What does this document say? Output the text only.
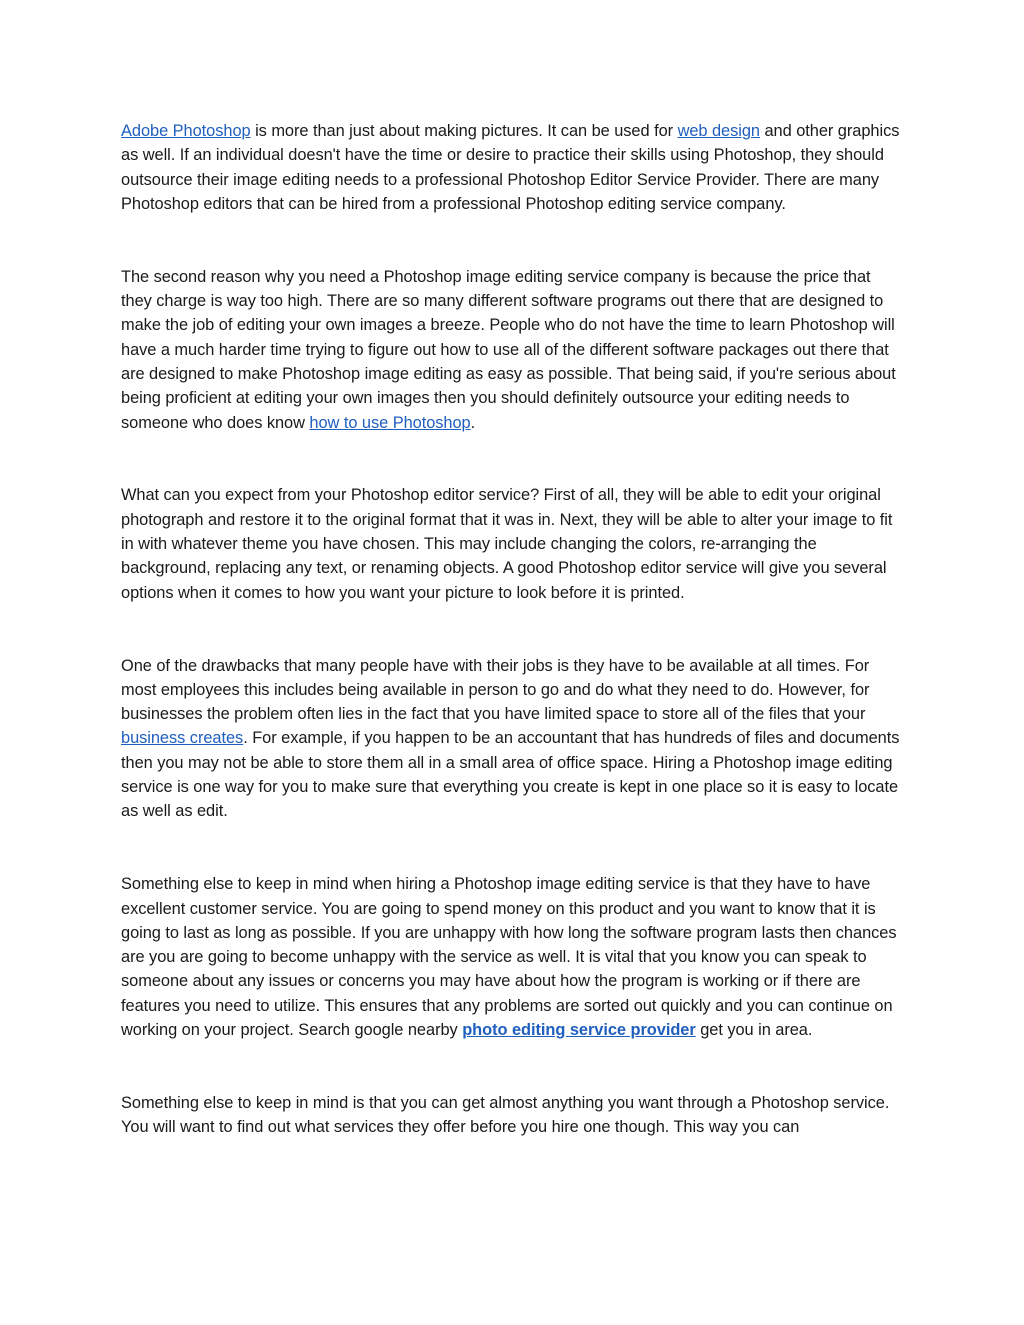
Adobe Photoshop is more than just about making pictures. It can be used for web design and other graphics as well. If an individual doesn't have the time or desire to practice their skills using Photoshop, they should outsource their image editing needs to a professional Photoshop Editor Service Provider. There are many Photoshop editors that can be hired from a professional Photoshop editing service company.

The second reason why you need a Photoshop image editing service company is because the price that they charge is way too high. There are so many different software programs out there that are designed to make the job of editing your own images a breeze. People who do not have the time to learn Photoshop will have a much harder time trying to figure out how to use all of the different software packages out there that are designed to make Photoshop image editing as easy as possible. That being said, if you're serious about being proficient at editing your own images then you should definitely outsource your editing needs to someone who does know how to use Photoshop.

What can you expect from your Photoshop editor service? First of all, they will be able to edit your original photograph and restore it to the original format that it was in. Next, they will be able to alter your image to fit in with whatever theme you have chosen. This may include changing the colors, re-arranging the background, replacing any text, or renaming objects. A good Photoshop editor service will give you several options when it comes to how you want your picture to look before it is printed.

One of the drawbacks that many people have with their jobs is they have to be available at all times. For most employees this includes being available in person to go and do what they need to do. However, for businesses the problem often lies in the fact that you have limited space to store all of the files that your business creates. For example, if you happen to be an accountant that has hundreds of files and documents then you may not be able to store them all in a small area of office space. Hiring a Photoshop image editing service is one way for you to make sure that everything you create is kept in one place so it is easy to locate as well as edit.

Something else to keep in mind when hiring a Photoshop image editing service is that they have to have excellent customer service. You are going to spend money on this product and you want to know that it is going to last as long as possible. If you are unhappy with how long the software program lasts then chances are you are going to become unhappy with the service as well. It is vital that you know you can speak to someone about any issues or concerns you may have about how the program is working or if there are features you need to utilize. This ensures that any problems are sorted out quickly and you can continue on working on your project. Search google nearby photo editing service provider get you in area.

Something else to keep in mind is that you can get almost anything you want through a Photoshop service. You will want to find out what services they offer before you hire one though. This way you can
